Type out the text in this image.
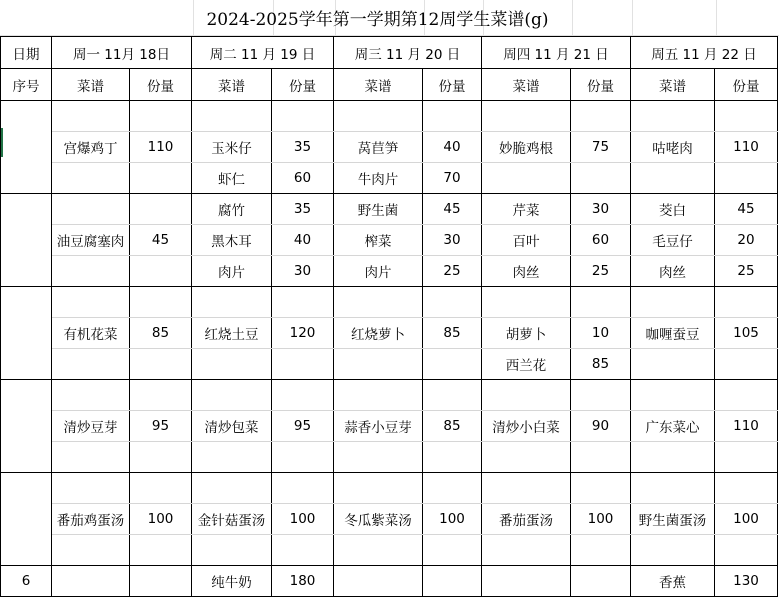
2024-2025学年第一学期第12周学生菜谱(g)
日期	周一 11月 18日		周二 11 月 19 日		周三 11 月 20 日		周四 11 月 21 日		周五 11 月 22 日	
序号	菜谱	份量	菜谱	份量	菜谱	份量	菜谱	份量	菜谱	份量

	宫爆鸡丁	110	玉米仔	35	莴苣笋	40	妙脆鸡根	75	咕咾肉	110
			虾仁	60	牛肉片	70				
			腐竹	35	野生菌	45	芹菜	30	茭白	45
	油豆腐塞肉	45	黑木耳	40	榨菜	30	百叶	60	毛豆仔	20
			肉片	30	肉片	25	肉丝	25	肉丝	25

	有机花菜	85	红烧土豆	120	红烧萝卜	85	胡萝卜	10	咖喱蚕豆	105
							西兰花	85		

	清炒豆芽	95	清炒包菜	95	蒜香小豆芽	85	清炒小白菜	90	广东菜心	110

	番茄鸡蛋汤	100	金针菇蛋汤	100	冬瓜紫菜汤	100	番茄蛋汤	100	野生菌蛋汤	100

6			纯牛奶	180					香蕉	130
